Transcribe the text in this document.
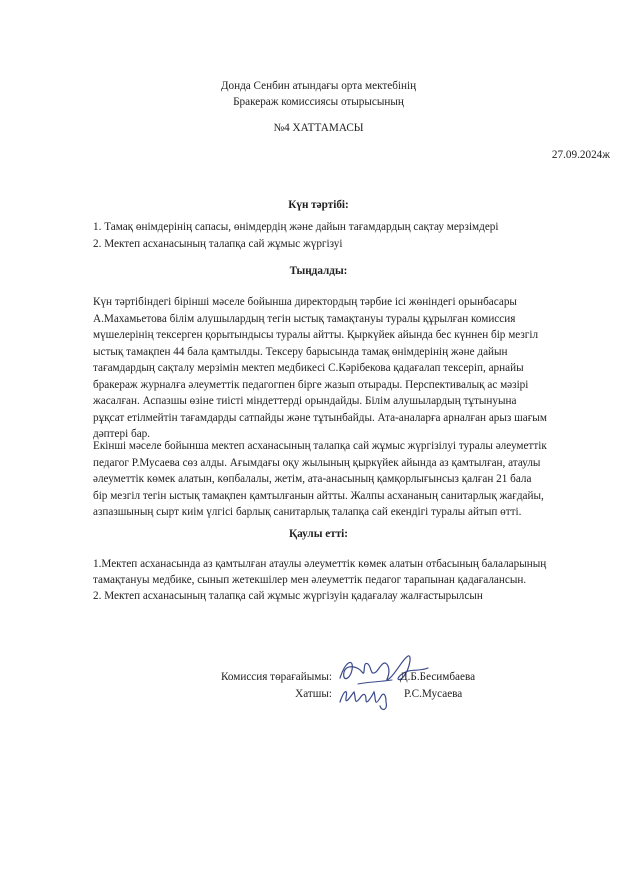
Донда Сенбин атындағы орта мектебінің
Бракераж комиссиясы отырысының
№4 ХАТТАМАСЫ
27.09.2024ж
Күн тәртібі:
1. Тамақ өнімдерінің сапасы, өнімдердің және дайын тағамдардың сақтау мерзімдері
2. Мектеп асханасының талапқа сай жұмыс жүргізуі
Тыңдалды:
Күн тәртібіндегі бірінші мәселе бойынша директордың тәрбие ісі жөніндегі орынбасары
А.Махамьетова білім алушылардың тегін ыстық тамақтануы туралы құрылған комиссия
мүшелерінің тексерген қорытындысы туралы айтты. Қыркүйек айында бес күннен бір мезгіл
ыстық тамақпен 44 бала қамтылды. Тексеру барысында тамақ өнімдерінің және дайын
тағамдардың сақталу мерзімін мектеп медбикесі С.Кәрібекова қадағалап тексеріп, арнайы
бракераж журналға әлеуметтік педагогпен бірге жазып отырады. Перспективалық ас мәзірі
жасалған. Аспазшы өзіне тиісті міндеттерді орындайды. Білім алушылардың тұтынуына
рұқсат етілмейтін тағамдарды сатпайды және тұтынбайды. Ата-аналарға арналған арыз шағым
дәптері бар.
Екінші мәселе бойынша мектеп асханасының талапқа сай жұмыс жүргізілуі туралы әлеуметтік
педагог Р.Мусаева сөз алды. Ағымдағы оқу жылының қыркүйек айында аз қамтылған, атаулы
әлеуметтік көмек алатын, көпбалалы, жетім, ата-анасының қамқорлығынсыз қалған 21 бала
бір мезгіл тегін ыстық тамақпен қамтылғанын айтты. Жалпы асхананың санитарлық жағдайы,
азпазшының сырт киім үлгісі барлық санитарлық талапқа сай екендігі туралы айтып өтті.
Қаулы етті:
1.Мектеп асханасында аз қамтылған атаулы әлеуметтік көмек алатын отбасының балаларының
тамақтануы медбике, сынып жетекшілер мен әлеуметтік педагог тарапынан қадағалансын.
2. Мектеп асханасының талапқа сай жұмыс жүргізуін қадағалау жалғастырылсын
Комиссия төрағайымы:	Д.Б.Бесимбаева
Хатшы:	Р.С.Мусаева
